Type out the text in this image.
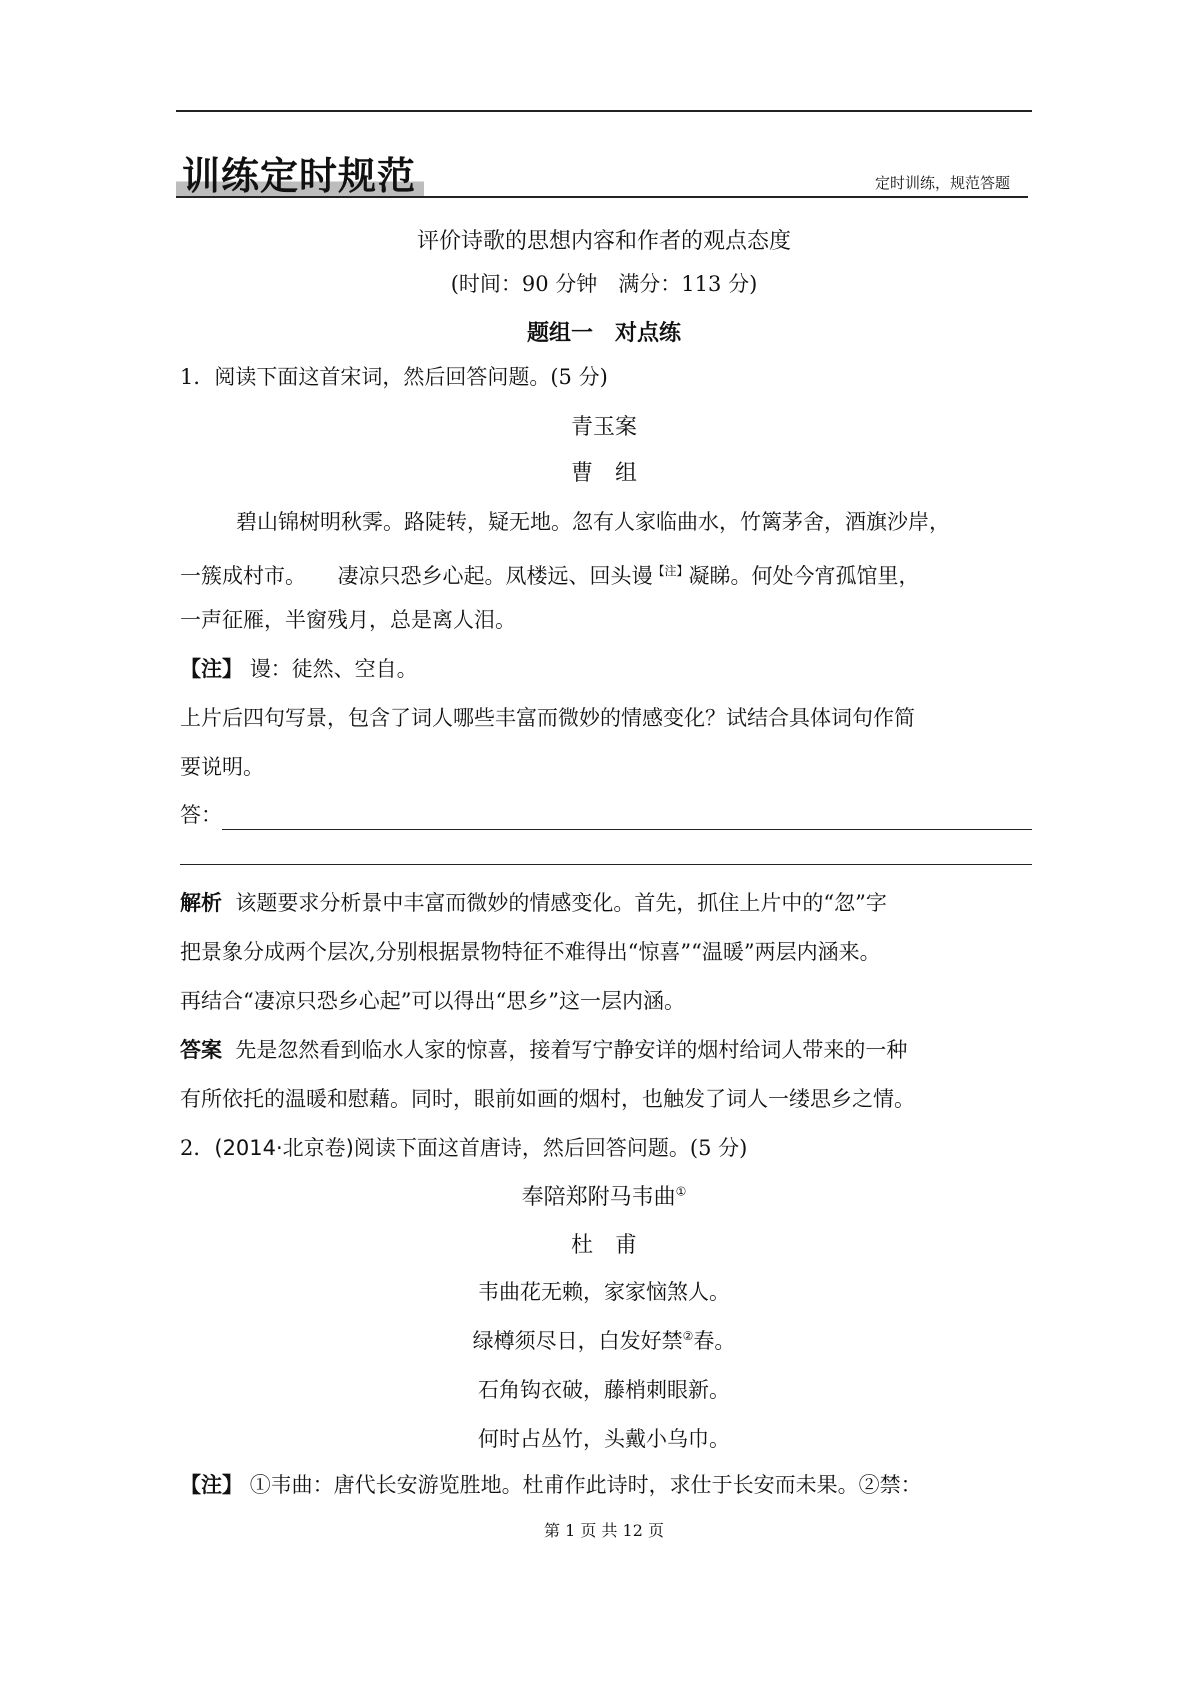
训练定时规范	定时训练，规范答题
评价诗歌的思想内容和作者的观点态度
(时间：90 分钟　满分：113 分)
题组一　对点练
1．阅读下面这首宋词，然后回答问题。(5 分)
青玉案
曹　组
碧山锦树明秋霁。路陡转，疑无地。忽有人家临曲水，竹篱茅舍，酒旗沙岸，
一簇成村市。　　凄凉只恐乡心起。凤楼远、回头谩$^{【注】}$凝睇。何处今宵孤馆里，
一声征雁，半窗残月，总是离人泪。
【注】 谩：徒然、空自。
上片后四句写景，包含了词人哪些丰富而微妙的情感变化？试结合具体词句作简
要说明。
答：
解析 该题要求分析景中丰富而微妙的情感变化。首先，抓住上片中的“忽”字
把景象分成两个层次,分别根据景物特征不难得出“惊喜”“温暖”两层内涵来。
再结合“凄凉只恐乡心起”可以得出“思乡”这一层内涵。
答案 先是忽然看到临水人家的惊喜，接着写宁静安详的烟村给词人带来的一种
有所依托的温暖和慰藉。同时，眼前如画的烟村，也触发了词人一缕思乡之情。
2．(2014·北京卷)阅读下面这首唐诗，然后回答问题。(5 分)
奉陪郑附马韦曲①
杜　甫
韦曲花无赖，家家恼煞人。
绿樽须尽日，白发好禁②春。
石角钩衣破，藤梢刺眼新。
何时占丛竹，头戴小乌巾。
【注】 ①韦曲：唐代长安游览胜地。杜甫作此诗时，求仕于长安而未果。②禁：
第 1 页 共 12 页
